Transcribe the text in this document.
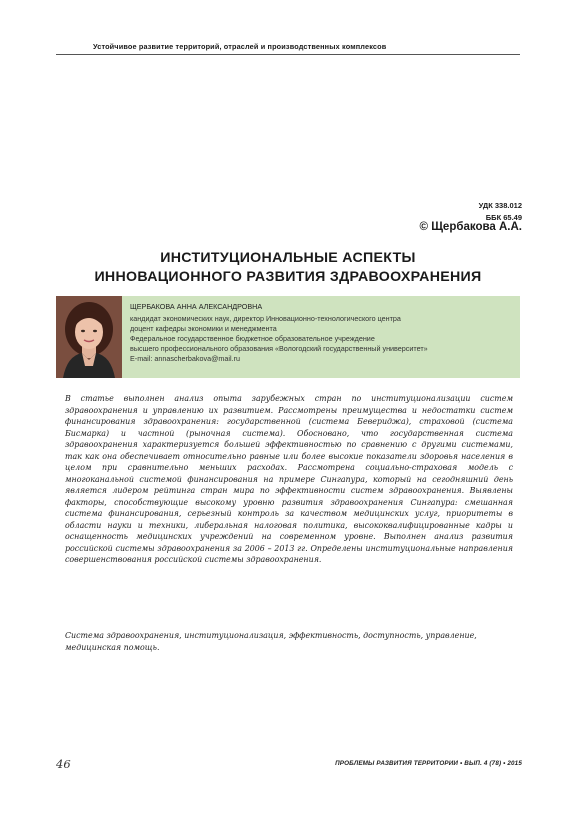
Устойчивое развитие территорий, отраслей и производственных комплексов
УДК 338.012
ББК 65.49
© Щербакова А.А.
ИНСТИТУЦИОНАЛЬНЫЕ АСПЕКТЫ
ИННОВАЦИОННОГО РАЗВИТИЯ ЗДРАВООХРАНЕНИЯ
ЩЕРБАКОВА АННА АЛЕКСАНДРОВНА
кандидат экономических наук, директор Инновационно-технологического центра
доцент кафедры экономики и менеджмента
Федеральное государственное бюджетное образовательное учреждение
высшего профессионального образования «Вологодский государственный университет»
E-mail: annascherbakova@mail.ru
В статье выполнен анализ опыта зарубежных стран по институционализации систем здравоохранения и управлению их развитием. Рассмотрены преимущества и недостатки систем финансирования здравоохранения: государственной (система Бевериджа), страховой (система Бисмарка) и частной (рыночная система). Обосновано, что государственная система здравоохранения характеризуется большей эффективностью по сравнению с другими системами, так как она обеспечивает относительно равные или более высокие показатели здоровья населения в целом при сравнительно меньших расходах. Рассмотрена социально-страховая модель с многоканальной системой финансирования на примере Сингапура, который на сегодняшний день является лидером рейтинга стран мира по эффективности систем здравоохранения. Выявлены факторы, способствующие высокому уровню развития здравоохранения Сингапура: смешанная система финансирования, серьезный контроль за качеством медицинских услуг, приоритеты в области науки и техники, либеральная налоговая политика, высококвалифицированные кадры и оснащенность медицинских учреждений на современном уровне. Выполнен анализ развития российской системы здравоохранения за 2006 – 2013 гг. Определены институциональные направления совершенствования российской системы здравоохранения.
Система здравоохранения, институционализация, эффективность, доступность, управление, медицинская помощь.
46	ПРОБЛЕМЫ РАЗВИТИЯ ТЕРРИТОРИИ • ВЫП. 4 (78) • 2015
